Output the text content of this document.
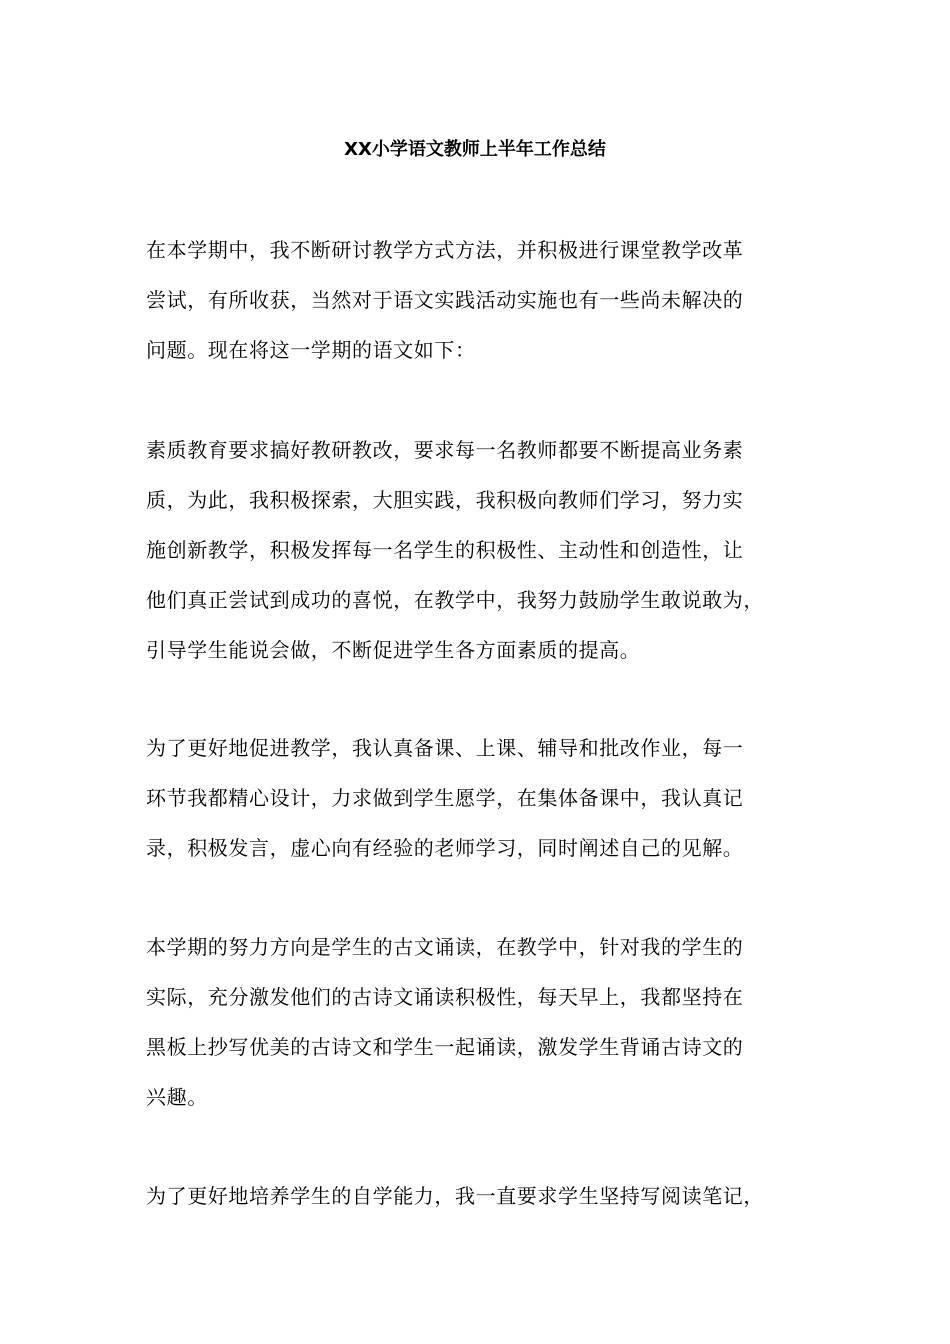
XX小学语文教师上半年工作总结
在本学期中，我不断研讨教学方式方法，并积极进行课堂教学改革
尝试，有所收获，当然对于语文实践活动实施也有一些尚未解决的
问题。现在将这一学期的语文如下：
素质教育要求搞好教研教改，要求每一名教师都要不断提高业务素
质，为此，我积极探索，大胆实践，我积极向教师们学习，努力实
施创新教学，积极发挥每一名学生的积极性、主动性和创造性，让
他们真正尝试到成功的喜悦，在教学中，我努力鼓励学生敢说敢为，
引导学生能说会做，不断促进学生各方面素质的提高。
为了更好地促进教学，我认真备课、上课、辅导和批改作业，每一
环节我都精心设计，力求做到学生愿学，在集体备课中，我认真记
录，积极发言，虚心向有经验的老师学习，同时阐述自己的见解。
本学期的努力方向是学生的古文诵读，在教学中，针对我的学生的
实际，充分激发他们的古诗文诵读积极性，每天早上，我都坚持在
黑板上抄写优美的古诗文和学生一起诵读，激发学生背诵古诗文的
兴趣。
为了更好地培养学生的自学能力，我一直要求学生坚持写阅读笔记，
